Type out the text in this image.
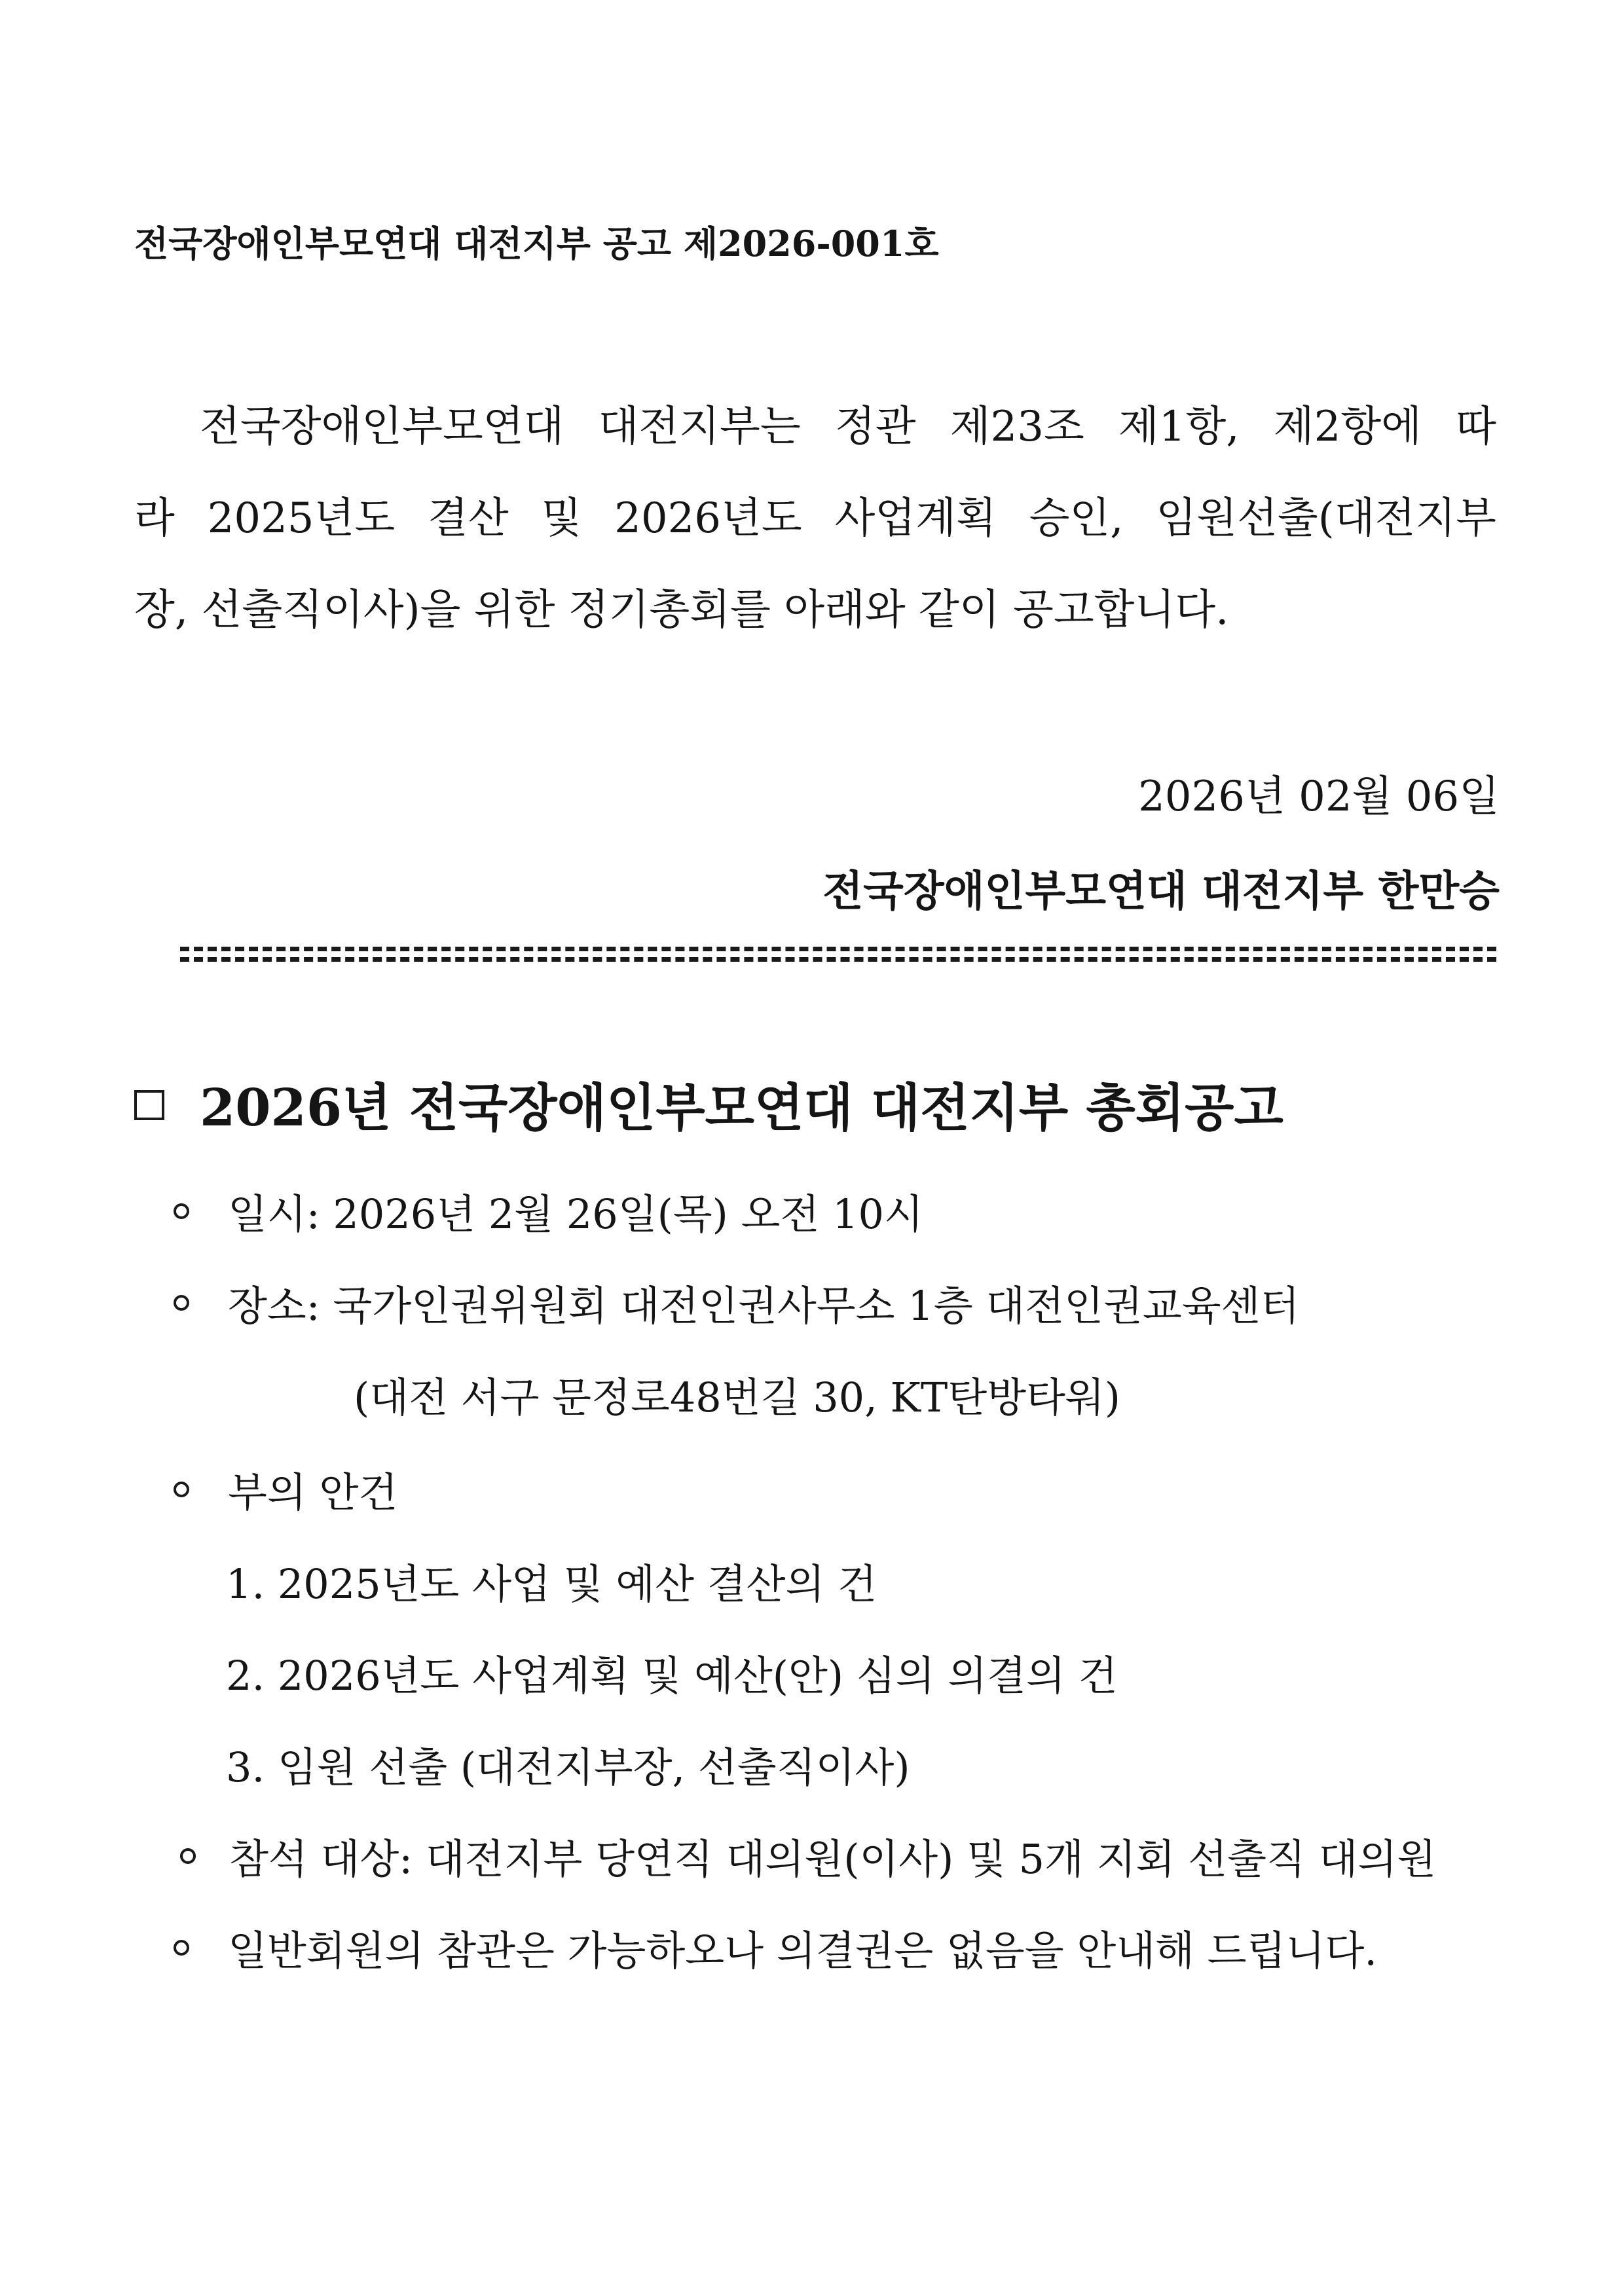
전국장애인부모연대 대전지부 공고 제2026-001호
전국장애인부모연대 대전지부는 정관 제23조 제1항, 제2항에 따
라 2025년도 결산 및 2026년도 사업계획 승인, 임원선출(대전지부
장, 선출직이사)을 위한 정기총회를 아래와 같이 공고합니다.
2026년 02월 06일
전국장애인부모연대 대전지부 한만승
2026년 전국장애인부모연대 대전지부 총회공고
일시: 2026년 2월 26일(목) 오전 10시
장소: 국가인권위원회 대전인권사무소 1층 대전인권교육센터
(대전 서구 문정로48번길 30, KT탄방타워)
부의 안건
1. 2025년도 사업 및 예산 결산의 건
2. 2026년도 사업계획 및 예산(안) 심의 의결의 건
3. 임원 선출 (대전지부장, 선출직이사)
참석 대상: 대전지부 당연직 대의원(이사) 및 5개 지회 선출직 대의원
일반회원의 참관은 가능하오나 의결권은 없음을 안내해 드립니다.
